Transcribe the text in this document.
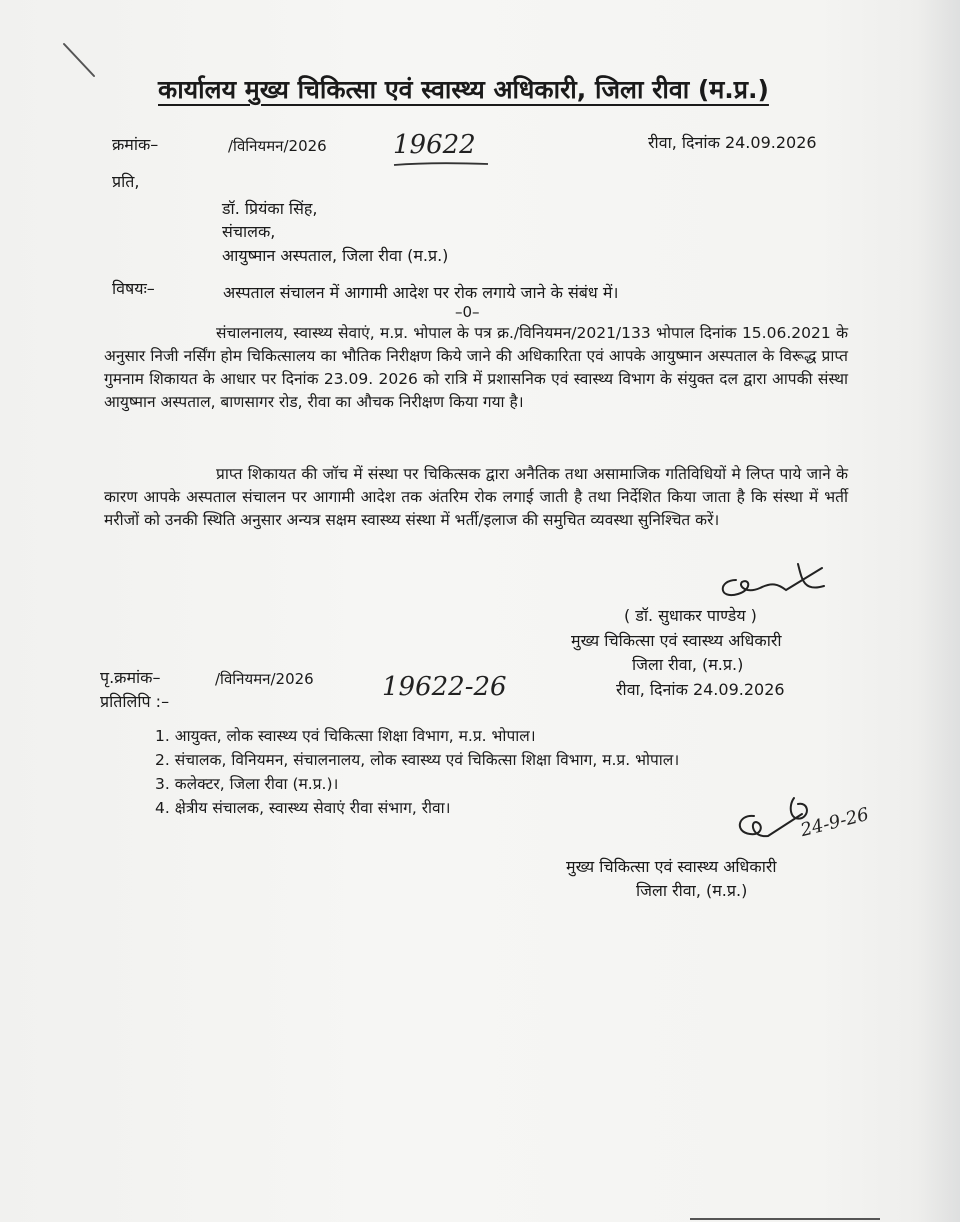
कार्यालय मुख्य चिकित्सा एवं स्वास्थ्य अधिकारी, जिला रीवा (म.प्र.)
क्रमांक–	/विनियमन/2026	19622	रीवा, दिनांक 24.09.2026
प्रति,
डॉ. प्रियंका सिंह,
संचालक,
आयुष्मान अस्पताल, जिला रीवा (म.प्र.)
विषयः–	अस्पताल संचालन में आगामी आदेश पर रोक लगाये जाने के संबंध में।
–0–
संचालनालय, स्वास्थ्य सेवाएं, म.प्र. भोपाल के पत्र क्र./विनियमन/2021/133 भोपाल दिनांक 15.06.2021 के अनुसार निजी नर्सिंग होम चिकित्सालय का भौतिक निरीक्षण किये जाने की अधिकारिता एवं आपके आयुष्मान अस्पताल के विरूद्ध प्राप्त गुमनाम शिकायत के आधार पर दिनांक 23.09. 2026 को रात्रि में प्रशासनिक एवं स्वास्थ्य विभाग के संयुक्त दल द्वारा आपकी संस्था आयुष्मान अस्पताल, बाणसागर रोड, रीवा का औचक निरीक्षण किया गया है।
प्राप्त शिकायत की जॉच में संस्था पर चिकित्सक द्वारा अनैतिक तथा असामाजिक गतिविधियों मे लिप्त पाये जाने के कारण आपके अस्पताल संचालन पर आगामी आदेश तक अंतरिम रोक लगाई जाती है तथा निर्देशित किया जाता है कि संस्था में भर्ती मरीजों को उनकी स्थिति अनुसार अन्यत्र सक्षम स्वास्थ्य संस्था में भर्ती/इलाज की समुचित व्यवस्था सुनिश्चित करें।
( डॉ. सुधाकर पाण्डेय )
मुख्य चिकित्सा एवं स्वास्थ्य अधिकारी
जिला रीवा, (म.प्र.)
पृ.क्रमांक–	/विनियमन/2026	19622-26
प्रतिलिपि :–
रीवा, दिनांक 24.09.2026
1. आयुक्त, लोक स्वास्थ्य एवं चिकित्सा शिक्षा विभाग, म.प्र. भोपाल।
2. संचालक, विनियमन, संचालनालय, लोक स्वास्थ्य एवं चिकित्सा शिक्षा विभाग, म.प्र. भोपाल।
3. कलेक्टर, जिला रीवा (म.प्र.)।
4. क्षेत्रीय संचालक, स्वास्थ्य सेवाएं रीवा संभाग, रीवा।	24-9-26
मुख्य चिकित्सा एवं स्वास्थ्य अधिकारी
जिला रीवा, (म.प्र.)
